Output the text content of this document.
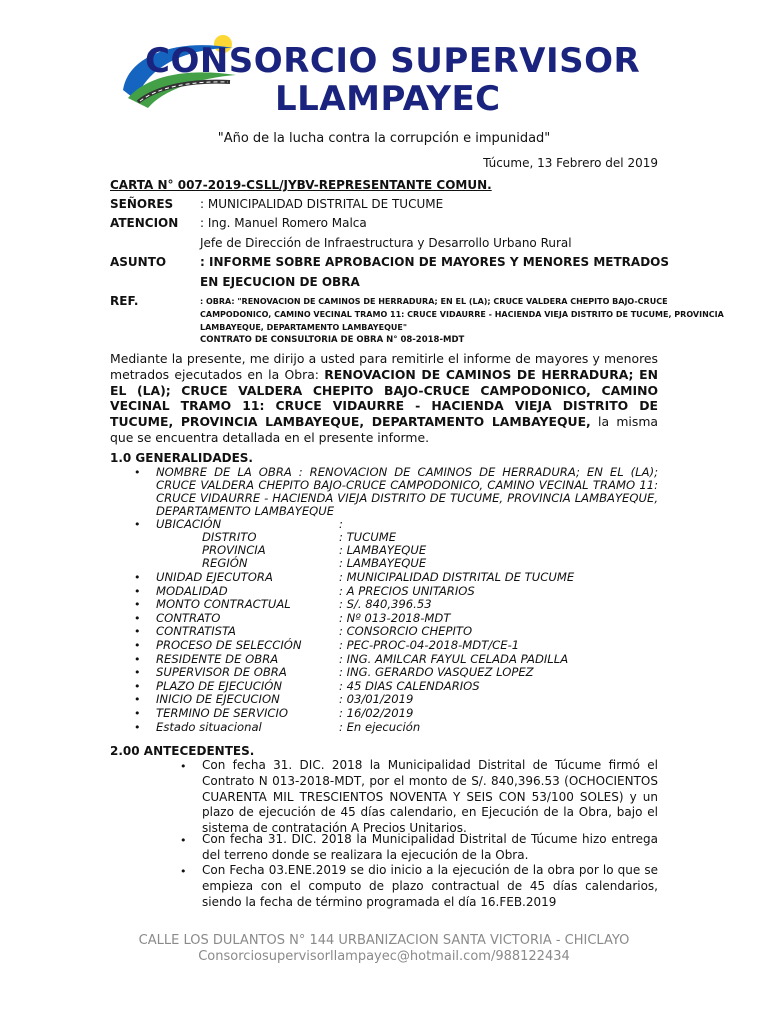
CONSORCIO SUPERVISOR
LLAMPAYEC
"Año de la lucha contra la corrupción e impunidad"
Túcume, 13 Febrero del 2019
CARTA N° 007-2019-CSLL/JYBV-REPRESENTANTE COMUN.
SEÑORES : MUNICIPALIDAD DISTRITAL DE TUCUME
ATENCION : Ing. Manuel Romero Malca
Jefe de Dirección de Infraestructura y Desarrollo Urbano Rural
ASUNTO	: INFORME SOBRE APROBACION DE MAYORES Y MENORES METRADOS
EN EJECUCION DE OBRA
REF.	: OBRA: "RENOVACION DE CAMINOS DE HERRADURA; EN EL (LA); CRUCE VALDERA CHEPITO BAJO-CRUCE
CAMPODONICO, CAMINO VECINAL TRAMO 11: CRUCE VIDAURRE - HACIENDA VIEJA DISTRITO DE TUCUME, PROVINCIA
LAMBAYEQUE, DEPARTAMENTO LAMBAYEQUE"
CONTRATO DE CONSULTORIA DE OBRA N° 08-2018-MDT
Mediante la presente, me dirijo a usted para remitirle el informe de mayores y menores metrados ejecutados en la Obra: RENOVACION DE CAMINOS DE HERRADURA; EN EL (LA); CRUCE VALDERA CHEPITO BAJO-CRUCE CAMPODONICO, CAMINO VECINAL TRAMO 11: CRUCE VIDAURRE - HACIENDA VIEJA DISTRITO DE TUCUME, PROVINCIA LAMBAYEQUE, DEPARTAMENTO LAMBAYEQUE, la misma que se encuentra detallada en el presente informe.
1.0 GENERALIDADES.
• NOMBRE DE LA OBRA : RENOVACION DE CAMINOS DE HERRADURA; EN EL (LA); CRUCE VALDERA CHEPITO BAJO-CRUCE CAMPODONICO, CAMINO VECINAL TRAMO 11: CRUCE VIDAURRE - HACIENDA VIEJA DISTRITO DE TUCUME, PROVINCIA LAMBAYEQUE, DEPARTAMENTO LAMBAYEQUE
• UBICACIÓN	:
DISTRITO	: TUCUME
PROVINCIA	: LAMBAYEQUE
REGIÓN	: LAMBAYEQUE
• UNIDAD EJECUTORA	: MUNICIPALIDAD DISTRITAL DE TUCUME
• MODALIDAD	: A PRECIOS UNITARIOS
• MONTO CONTRACTUAL	: S/. 840,396.53
• CONTRATO	: Nº 013-2018-MDT
• CONTRATISTA	: CONSORCIO CHEPITO
• PROCESO DE SELECCIÓN	: PEC-PROC-04-2018-MDT/CE-1
• RESIDENTE DE OBRA	: ING. AMILCAR FAYUL CELADA PADILLA
• SUPERVISOR DE OBRA	: ING. GERARDO VASQUEZ LOPEZ
• PLAZO DE EJECUCIÓN	: 45 DIAS CALENDARIOS
• INICIO DE EJECUCION	: 03/01/2019
• TERMINO DE SERVICIO	: 16/02/2019
• Estado situacional	: En ejecución
2.00 ANTECEDENTES.
• Con fecha 31. DIC. 2018 la Municipalidad Distrital de Túcume firmó el Contrato N 013-2018-MDT, por el monto de S/. 840,396.53 (OCHOCIENTOS CUARENTA MIL TRESCIENTOS NOVENTA Y SEIS CON 53/100 SOLES) y un plazo de ejecución de 45 días calendario, en Ejecución de la Obra, bajo el sistema de contratación A Precios Unitarios.
• Con fecha 31. DIC. 2018 la Municipalidad Distrital de Túcume hizo entrega del terreno donde se realizara la ejecución de la Obra.
• Con Fecha 03.ENE.2019 se dio inicio a la ejecución de la obra por lo que se empieza con el computo de plazo contractual de 45 días calendarios, siendo la fecha de término programada el día 16.FEB.2019
CALLE LOS DULANTOS N° 144 URBANIZACION SANTA VICTORIA - CHICLAYO
Consorciosupervisorllampayec@hotmail.com/988122434
